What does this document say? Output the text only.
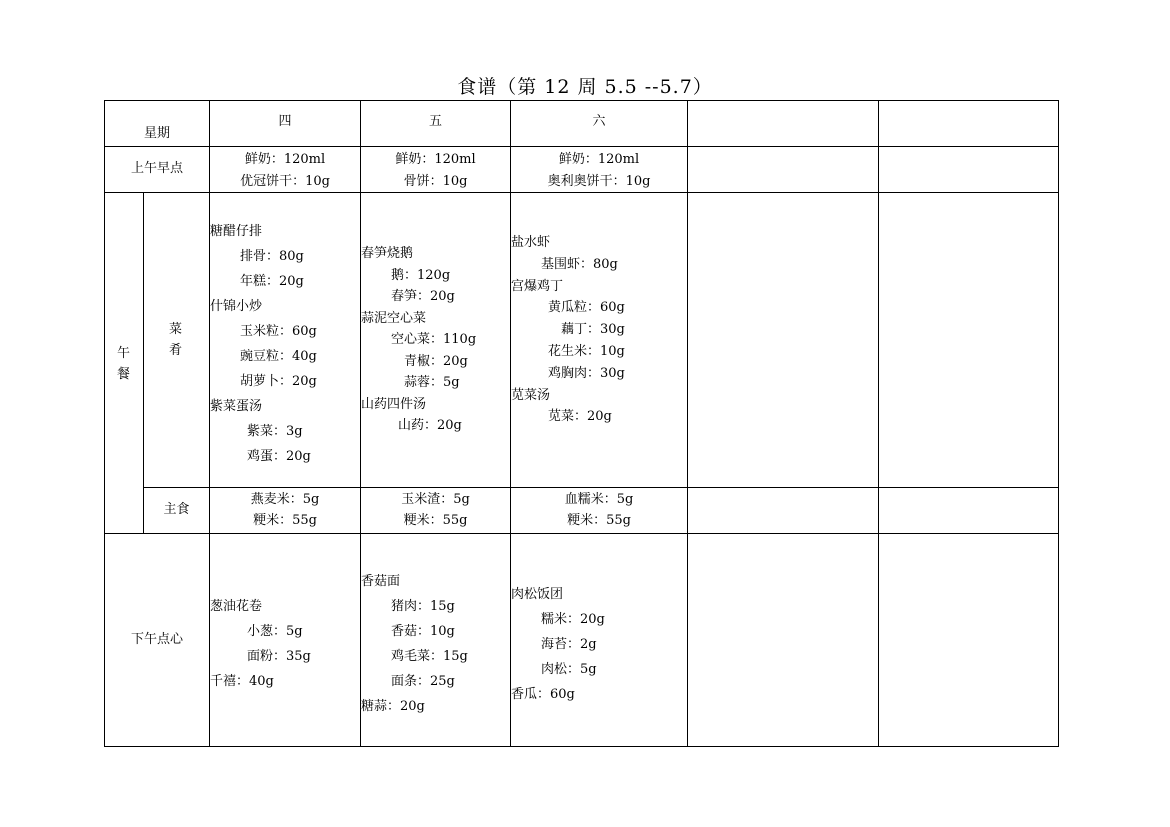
食谱（第 12 周 5.5 --5.7）
星期
四	五	六
上午早点
午餐
菜肴
主食
下午点心
鲜奶：120ml
优冠饼干：10g
鲜奶：120ml
骨饼：10g
鲜奶：120ml
奥利奥饼干：10g
糖醋仔排
排骨：80g
年糕：20g
什锦小炒
玉米粒：60g
豌豆粒：40g
胡萝卜：20g
紫菜蛋汤
紫菜：3g
鸡蛋：20g
春笋烧鹅
鹅：120g
春笋：20g
蒜泥空心菜
空心菜：110g
青椒：20g
蒜蓉：5g
山药四件汤
山药：20g
盐水虾
基围虾：80g
宫爆鸡丁
黄瓜粒：60g
藕丁：30g
花生米：10g
鸡胸肉：30g
苋菜汤
苋菜：20g
燕麦米：5g
粳米：55g
玉米渣：5g
粳米：55g
血糯米：5g
粳米：55g
葱油花卷
小葱：5g
面粉：35g
千禧：40g
香菇面
猪肉：15g
香菇：10g
鸡毛菜：15g
面条：25g
糖蒜：20g
肉松饭团
糯米：20g
海苔：2g
肉松：5g
香瓜：60g
